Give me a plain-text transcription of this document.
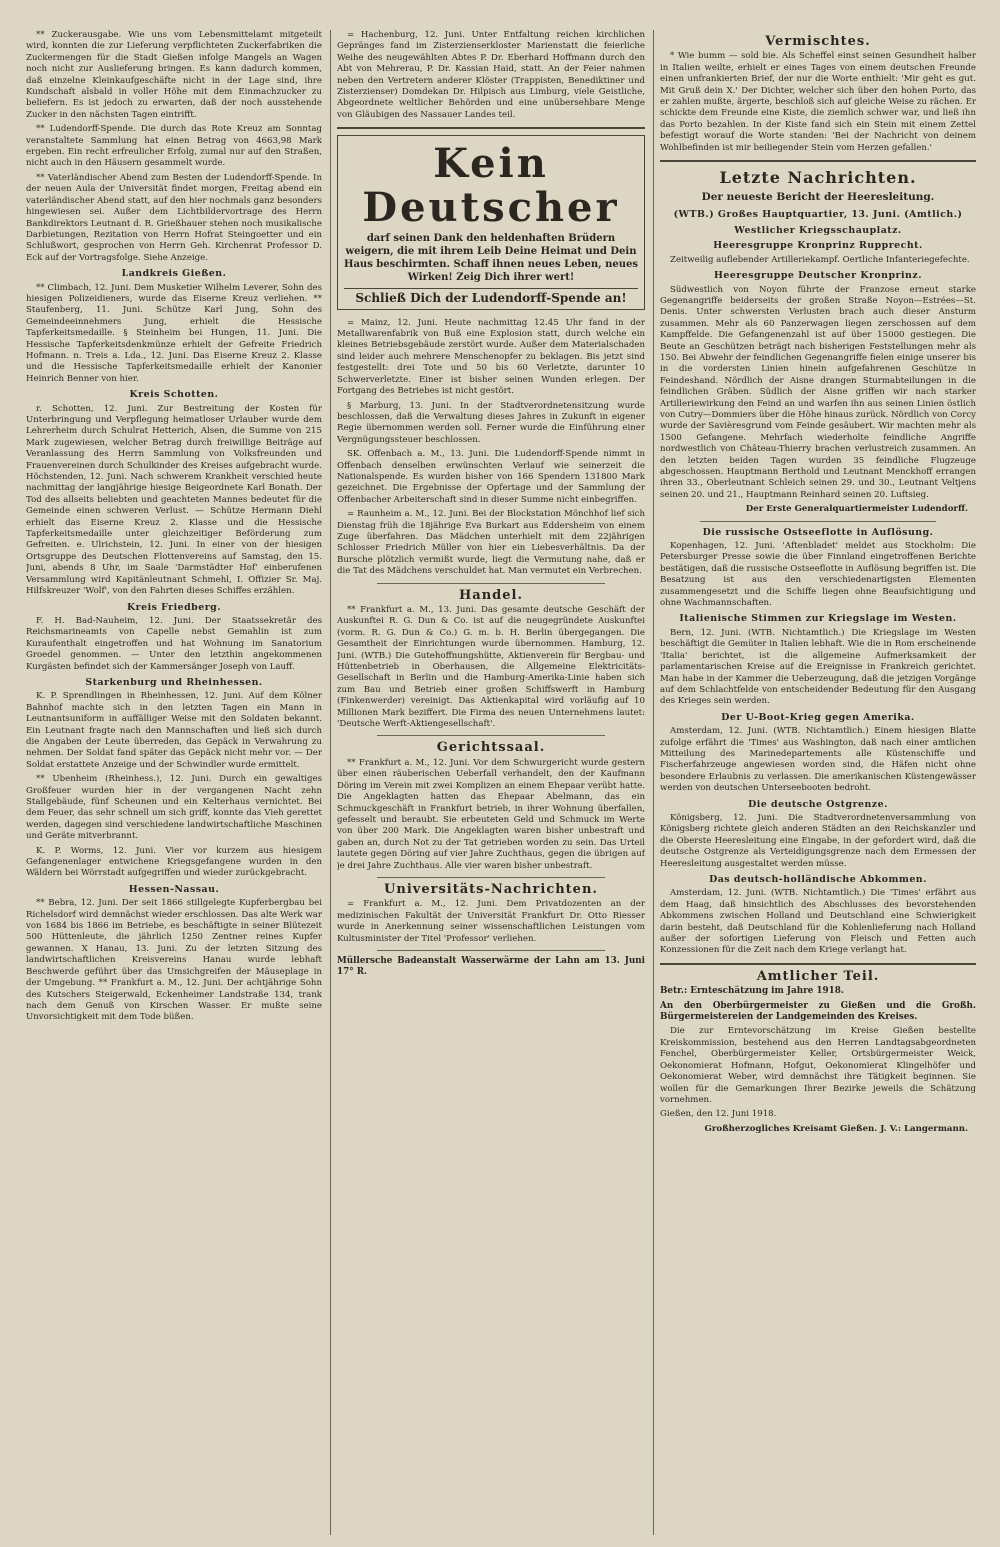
** Zuckerausgabe. Wie uns vom Lebensmittelamt mitgeteilt wird, konnten die zur Lieferung verpflichteten Zuckerfabriken die Zuckermengen für die Stadt Gießen infolge Mangels an Wagen noch nicht zur Auslieferung bringen. Es kann dadurch kommen, daß einzelne Kleinkaufgeschäfte nicht in der Lage sind, ihre Kundschaft alsbald in voller Höhe mit dem Einmachzucker zu beliefern. Es ist jedoch zu erwarten, daß der noch ausstehende Zucker in den nächsten Tagen eintrifft.

** Ludendorff-Spende. Die durch das Rote Kreuz am Sonntag veranstaltete Sammlung hat einen Betrag von 4663,98 Mark ergeben. Ein recht erfreulicher Erfolg, zumal nur auf den Straßen, nicht auch in den Häusern gesammelt wurde.

** Vaterländischer Abend zum Besten der Ludendorff-Spende. In der neuen Aula der Universität findet morgen, Freitag abend ein vaterländischer Abend statt, auf den hier nochmals ganz besonders hingewiesen sei. Außer dem Lichtbildervortrage des Herrn Bankdirektors Leutnant d. R. Grießhauer stehen noch musikalische Darbietungen, Rezitation von Herrn Hofrat Steingoetter und ein Schlußwort, gesprochen von Herrn Geh. Kirchenrat Professor D. Eck auf der Vortragsfolge. Siehe Anzeige.

Landkreis Gießen.

** Climbach, 12. Juni. Dem Musketier Wilhelm Leverer, Sohn des hiesigen Polizeidieners, wurde das Eiserne Kreuz verliehen. ** Staufenberg, 11. Juni. Schütze Karl Jung, Sohn des Gemeindeeinnehmers Jung, erhielt die Hessische Tapferkeitsmedaille. § Steinheim bei Hungen, 11. Juni. Die Hessische Tapferkeitsdenkmünze erhielt der Gefreite Friedrich Hofmann. n. Treis a. Lda., 12. Juni. Das Eiserne Kreuz 2. Klasse und die Hessische Tapferkeitsmedaille erhielt der Kanonier Heinrich Benner von hier.

Kreis Schotten.

r. Schotten, 12. Juni. Zur Bestreitung der Kosten für Unterbringung und Verpflegung heimatloser Urlauber wurde dem Lehrerheim durch Schulrat Hetterich, Alsen, die Summe von 215 Mark zugewiesen, welcher Betrag durch freiwillige Beiträge auf Veranlassung des Herrn Sammlung von Volksfreunden und Frauenvereinen durch Schulkinder des Kreises aufgebracht wurde. Höchstenden, 12. Juni. Nach schwerem Krankheit verschied heute nachmittag der langjährige hiesige Beigeordnete Karl Bonath. Der Tod des allseits beliebten und geachteten Mannes bedeutet für die Gemeinde einen schweren Verlust. — Schütze Hermann Diehl erhielt das Eiserne Kreuz 2. Klasse und die Hessische Tapferkeitsmedaille unter gleichzeitiger Beförderung zum Gefreiten. e. Ulrichstein, 12. Juni. In einer von der hiesigen Ortsgruppe des Deutschen Flottenvereins auf Samstag, den 15. Juni, abends 8 Uhr, im Saale 'Darmstädter Hof' einberufenen Versammlung wird Kapitänleutnant Schmehl, I. Offizier Sr. Maj. Hilfskreuzer 'Wolf', von den Fahrten dieses Schiffes erzählen.

Kreis Friedberg.

F. H. Bad-Nauheim, 12. Juni. Der Staatssekretär des Reichsmarineamts von Capelle nebst Gemahlin ist zum Kuraufenthalt eingetroffen und hat Wohnung im Sanatorium Groedel genommen. — Unter den letzthin angekommenen Kurgästen befindet sich der Kammersänger Joseph von Lauff.

Starkenburg und Rheinhessen.

K. P. Sprendlingen in Rheinhessen, 12. Juni. Auf dem Kölner Bahnhof machte sich in den letzten Tagen ein Mann in Leutnantsuniform in auffälliger Weise mit den Soldaten bekannt. Ein Leutnant fragte nach den Mannschaften und ließ sich durch die Angaben der Leute überreden, das Gepäck in Verwahrung zu nehmen. Der Soldat fand später das Gepäck nicht mehr vor. — Der Soldat erstattete Anzeige und der Schwindler wurde ermittelt.

** Ubenheim (Rheinhess.), 12. Juni. Durch ein gewaltiges Großfeuer wurden hier in der vergangenen Nacht zehn Stallgebäude, fünf Scheunen und ein Kelterhaus vernichtet. Bei dem Feuer, das sehr schnell um sich griff, konnte das Vieh gerettet werden, dagegen sind verschiedene landwirtschaftliche Maschinen und Geräte mitverbrannt.

K. P. Worms, 12. Juni. Vier vor kurzem aus hiesigem Gefangenenlager entwichene Kriegsgefangene wurden in den Wäldern bei Wörrstadt aufgegriffen und wieder zurückgebracht.

Hessen-Nassau.

** Bebra, 12. Juni. Der seit 1866 stillgelegte Kupferbergbau bei Richelsdorf wird demnächst wieder erschlossen. Das alte Werk war von 1684 bis 1866 im Betriebe, es beschäftigte in seiner Blütezeit 500 Hüttenleute, die jährlich 1250 Zentner reines Kupfer gewannen. X Hanau, 13. Juni. Zu der letzten Sitzung des landwirtschaftlichen Kreisvereins Hanau wurde lebhaft Beschwerde geführt über das Umsichgreifen der Mäuseplage in der Umgebung. ** Frankfurt a. M., 12. Juni. Der achtjährige Sohn des Kutschers Steigerwald, Eckenheimer Landstraße 134, trank nach dem Genuß von Kirschen Wasser. Er mußte seine Unvorsichtigkeit mit dem Tode büßen.

= Hachenburg, 12. Juni. Unter Entfaltung reichen kirchlichen Gepränges fand im Zisterzienserkloster Marienstatt die feierliche Weihe des neugewählten Abtes P. Dr. Eberhard Hoffmann durch den Abt von Mehrerau, P. Dr. Kassian Haid, statt. An der Feier nahmen neben den Vertretern anderer Klöster (Trappisten, Benediktiner und Zisterzienser) Domdekan Dr. Hilpisch aus Limburg, viele Geistliche, Abgeordnete weltlicher Behörden und eine unübersehbare Menge von Gläubigen des Nassauer Landes teil.

Kein Deutscher
darf seinen Dank den heldenhaften Brüdern weigern, die mit ihrem Leib Deine Heimat und Dein Haus beschirmten. Schaff ihnen neues Leben, neues Wirken! Zeig Dich ihrer wert!
Schließ Dich der Ludendorff-Spende an!

= Mainz, 12. Juni. Heute nachmittag 12.45 Uhr fand in der Metallwarenfabrik von Buß eine Explosion statt, durch welche ein kleines Betriebsgebäude zerstört wurde. Außer dem Materialschaden sind leider auch mehrere Menschenopfer zu beklagen. Bis jetzt sind festgestellt: drei Tote und 50 bis 60 Verletzte, darunter 10 Schwerverletzte. Einer ist bisher seinen Wunden erlegen. Der Fortgang des Betriebes ist nicht gestört.

§ Marburg, 13. Juni. In der Stadtverordnetensitzung wurde beschlossen, daß die Verwaltung dieses Jahres in Zukunft in eigener Regie übernommen werden soll. Ferner wurde die Einführung einer Vergnügungssteuer beschlossen.

SK. Offenbach a. M., 13. Juni. Die Ludendorff-Spende nimmt in Offenbach denselben erwünschten Verlauf wie seinerzeit die Nationalspende. Es wurden bisher von 166 Spendern 131800 Mark gezeichnet. Die Ergebnisse der Opfertage und der Sammlung der Offenbacher Arbeiterschaft sind in dieser Summe nicht einbegriffen.

= Raunheim a. M., 12. Juni. Bei der Blockstation Mönchhof lief sich Dienstag früh die 18jährige Eva Burkart aus Eddersheim von einem Zuge überfahren. Das Mädchen unterhielt mit dem 22jährigen Schlosser Friedrich Müller von hier ein Liebesverhältnis. Da der Bursche plötzlich vermißt wurde, liegt die Vermutung nahe, daß er die Tat des Mädchens verschuldet hat. Man vermutet ein Verbrechen.

Handel.

** Frankfurt a. M., 13. Juni. Das gesamte deutsche Geschäft der Auskunftei R. G. Dun & Co. ist auf die neugegründete Auskunftei (vorm. R. G. Dun & Co.) G. m. b. H. Berlin übergegangen. Die Gesamtheit der Einrichtungen wurde übernommen. Hamburg, 12. Juni. (WTB.) Die Gutehoffnungshütte, Aktienverein für Bergbau- und Hüttenbetrieb in Oberhausen, die Allgemeine Elektricitäts-Gesellschaft in Berlin und die Hamburg-Amerika-Linie haben sich zum Bau und Betrieb einer großen Schiffswerft in Hamburg (Finkenwerder) vereinigt. Das Aktienkapital wird vorläufig auf 10 Millionen Mark beziffert. Die Firma des neuen Unternehmens lautet: 'Deutsche Werft-Aktiengesellschaft'.

Gerichtssaal.

** Frankfurt a. M., 12. Juni. Vor dem Schwurgericht wurde gestern über einen räuberischen Ueberfall verhandelt, den der Kaufmann Döring im Verein mit zwei Komplizen an einem Ehepaar verübt hatte. Die Angeklagten hatten das Ehepaar Abelmann, das ein Schmuckgeschäft in Frankfurt betrieb, in ihrer Wohnung überfallen, gefesselt und beraubt. Sie erbeuteten Geld und Schmuck im Werte von über 200 Mark. Die Angeklagten waren bisher unbestraft und gaben an, durch Not zu der Tat getrieben worden zu sein. Das Urteil lautete gegen Döring auf vier Jahre Zuchthaus, gegen die übrigen auf je drei Jahre Zuchthaus. Alle vier waren bisher unbestraft.

Universitäts-Nachrichten.

= Frankfurt a. M., 12. Juni. Dem Privatdozenten an der medizinischen Fakultät der Universität Frankfurt Dr. Otto Riesser wurde in Anerkennung seiner wissenschaftlichen Leistungen vom Kultusminister der Titel 'Professor' verliehen.

Müllersche Badeanstalt Wasserwärme der Lahn am 13. Juni 17° R.

Vermischtes.

* Wie bumm — sold bie. Als Scheffel einst seinen Gesundheit halber in Italien weilte, erhielt er eines Tages von einem deutschen Freunde einen unfrankierten Brief, der nur die Worte enthielt: 'Mir geht es gut. Mit Gruß dein X.' Der Dichter, welcher sich über den hohen Porto, das er zahlen mußte, ärgerte, beschloß sich auf gleiche Weise zu rächen. Er schickte dem Freunde eine Kiste, die ziemlich schwer war, und ließ ihn das Porto bezahlen. In der Kiste fand sich ein Stein mit einem Zettel befestigt worauf die Worte standen: 'Bei der Nachricht von deinem Wohlbefinden ist mir beiliegender Stein vom Herzen gefallen.'

Letzte Nachrichten.
Der neueste Bericht der Heeresleitung.
(WTB.) Großes Hauptquartier, 13. Juni. (Amtlich.)
Westlicher Kriegsschauplatz.
Heeresgruppe Kronprinz Rupprecht.

Zeitweilig auflebender Artilleriekampf. Oertliche Infanteriegefechte.

Heeresgruppe Deutscher Kronprinz.

Südwestlich von Noyon führte der Franzose erneut starke Gegenangriffe beiderseits der großen Straße Noyon—Estrées—St. Denis. Unter schwersten Verlusten brach auch dieser Ansturm zusammen. Mehr als 60 Panzerwagen liegen zerschossen auf dem Kampffelde. Die Gefangenenzahl ist auf über 15000 gestiegen. Die Beute an Geschützen beträgt nach bisherigen Feststellungen mehr als 150. Bei Abwehr der feindlichen Gegenangriffe fielen einige unserer bis in die vordersten Linien hinein aufgefahrenen Geschütze in Feindeshand. Nördlich der Aisne drangen Sturmabteilungen in die feindlichen Gräben. Südlich der Aisne griffen wir nach starker Artilleriewirkung den Feind an und warfen ihn aus seinen Linien östlich von Cutry—Dommiers über die Höhe hinaus zurück. Nördlich von Corcy wurde der Savièresgrund vom Feinde gesäubert. Wir machten mehr als 1500 Gefangene. Mehrfach wiederholte feindliche Angriffe nordwestlich von Château-Thierry brachen verlustreich zusammen. An den letzten beiden Tagen wurden 35 feindliche Flugzeuge abgeschossen. Hauptmann Berthold und Leutnant Menckhoff errangen ihren 33., Oberleutnant Schleich seinen 29. und 30., Leutnant Veltjens seinen 20. und 21., Hauptmann Reinhard seinen 20. Luftsieg.

Der Erste Generalquartiermeister Ludendorff.
Die russische Ostseeflotte in Auflösung.

Kopenhagen, 12. Juni. 'Aftenbladet' meldet aus Stockholm: Die Petersburger Presse sowie die über Finnland eingetroffenen Berichte bestätigen, daß die russische Ostseeflotte in Auflösung begriffen ist. Die Besatzung ist aus den verschiedenartigsten Elementen zusammengesetzt und die Schiffe liegen ohne Beaufsichtigung und ohne Wachmannschaften.

Italienische Stimmen zur Kriegslage im Westen.

Bern, 12. Juni. (WTB. Nichtamtlich.) Die Kriegslage im Westen beschäftigt die Gemüter in Italien lebhaft. Wie die in Rom erscheinende 'Italia' berichtet, ist die allgemeine Aufmerksamkeit der parlamentarischen Kreise auf die Ereignisse in Frankreich gerichtet. Man habe in der Kammer die Ueberzeugung, daß die jetzigen Vorgänge auf dem Schlachtfelde von entscheidender Bedeutung für den Ausgang des Krieges sein werden.

Der U-Boot-Krieg gegen Amerika.

Amsterdam, 12. Juni. (WTB. Nichtamtlich.) Einem hiesigen Blatte zufolge erfährt die 'Times' aus Washington, daß nach einer amtlichen Mitteilung des Marinedepartements alle Küstenschiffe und Fischerfahrzeuge angewiesen worden sind, die Häfen nicht ohne besondere Erlaubnis zu verlassen. Die amerikanischen Küstengewässer werden von deutschen Unterseebooten bedroht.

Die deutsche Ostgrenze.

Königsberg, 12. Juni. Die Stadtverordnetenversammlung von Königsberg richtete gleich anderen Städten an den Reichskanzler und die Oberste Heeresleitung eine Eingabe, in der gefordert wird, daß die deutsche Ostgrenze als Verteidigungsgrenze nach dem Ermessen der Heeresleitung ausgestaltet werden müsse.

Das deutsch-holländische Abkommen.

Amsterdam, 12. Juni. (WTB. Nichtamtlich.) Die 'Times' erfährt aus dem Haag, daß hinsichtlich des Abschlusses des bevorstehenden Abkommens zwischen Holland und Deutschland eine Schwierigkeit darin besteht, daß Deutschland für die Kohlenlieferung nach Holland außer der sofortigen Lieferung von Fleisch und Fetten auch Konzessionen für die Zeit nach dem Kriege verlangt hat.

Amtlicher Teil.

Betr.: Ernteschätzung im Jahre 1918.

An den Oberbürgermeister zu Gießen und die Großh. Bürgermeistereien der Landgemeinden des Kreises.

Die zur Erntevorschätzung im Kreise Gießen bestellte Kreiskommission, bestehend aus den Herren Landtagsabgeordneten Fenchel, Oberbürgermeister Keller, Ortsbürgermeister Weick, Oekonomierat Hofmann, Hofgut, Oekonomierat Klingelhöfer und Oekonomierat Weber, wird demnächst ihre Tätigkeit beginnen. Sie wollen für die Gemarkungen Ihrer Bezirke jeweils die Schätzung vornehmen.

Gießen, den 12. Juni 1918.

Großherzogliches Kreisamt Gießen. J. V.: Langermann.
